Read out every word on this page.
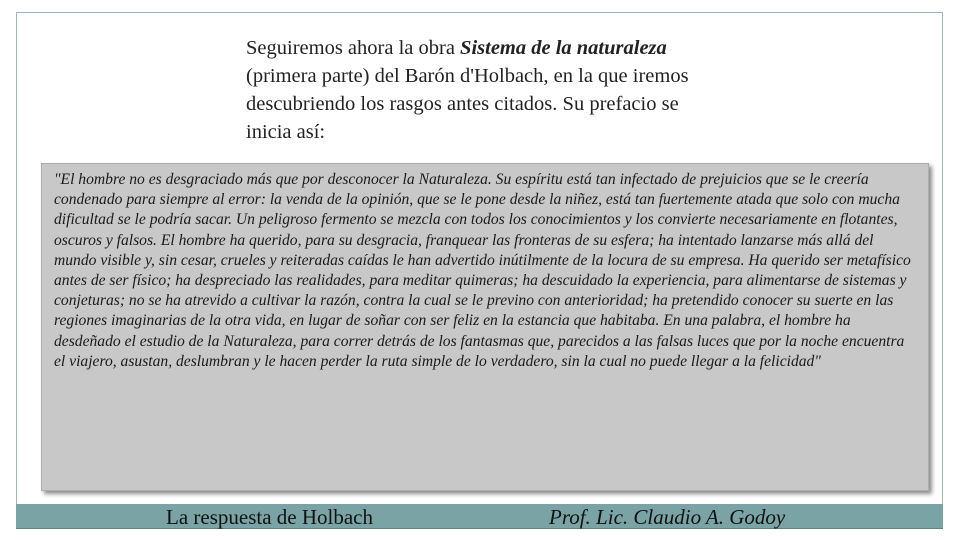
Seguiremos ahora la obra Sistema de la naturaleza (primera parte) del Barón d'Holbach, en la que iremos descubriendo los rasgos antes citados. Su prefacio se inicia así:

"El hombre no es desgraciado más que por desconocer la Naturaleza. Su espíritu está tan infectado de prejuicios que se le creería condenado para siempre al error: la venda de la opinión, que se le pone desde la niñez, está tan fuertemente atada que solo con mucha dificultad se le podría sacar. Un peligroso fermento se mezcla con todos los conocimientos y los convierte necesariamente en flotantes, oscuros y falsos. El hombre ha querido, para su desgracia, franquear las fronteras de su esfera; ha intentado lanzarse más allá del mundo visible y, sin cesar, crueles y reiteradas caídas le han advertido inútilmente de la locura de su empresa. Ha querido ser metafísico antes de ser físico; ha despreciado las realidades, para meditar quimeras; ha descuidado la experiencia, para alimentarse de sistemas y conjeturas; no se ha atrevido a cultivar la razón, contra la cual se le previno con anterioridad; ha pretendido conocer su suerte en las regiones imaginarias de la otra vida, en lugar de soñar con ser feliz en la estancia que habitaba. En una palabra, el hombre ha desdeñado el estudio de la Naturaleza, para correr detrás de los fantasmas que, parecidos a las falsas luces que por la noche encuentra el viajero, asustan, deslumbran y le hacen perder la ruta simple de lo verdadero, sin la cual no puede llegar a la felicidad"

La respuesta de Holbach	Prof. Lic. Claudio A. Godoy
